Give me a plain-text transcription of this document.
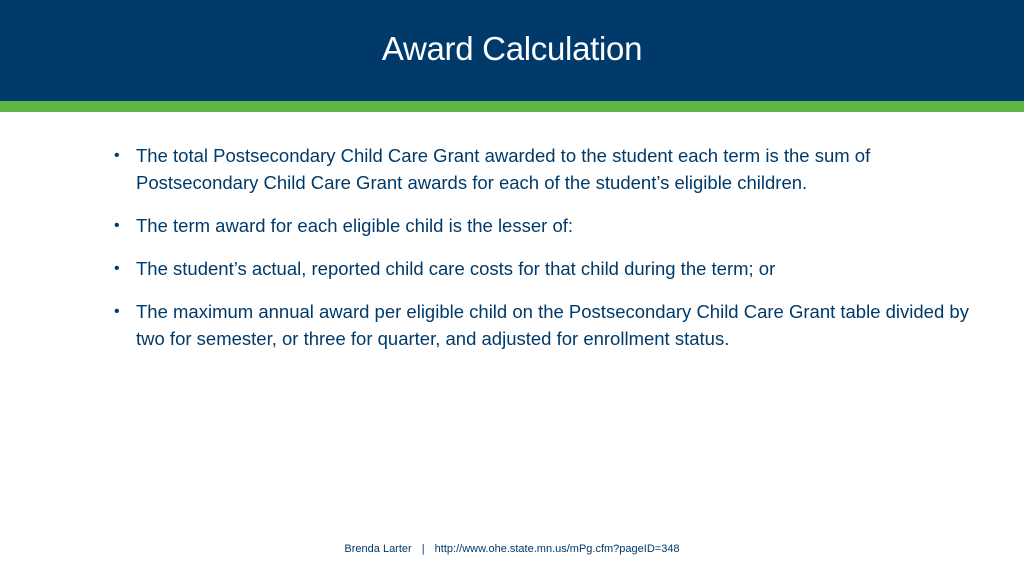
Award Calculation
• The total Postsecondary Child Care Grant awarded to the student each term is the sum of Postsecondary Child Care Grant awards for each of the student’s eligible children.
• The term award for each eligible child is the lesser of:
• The student’s actual, reported child care costs for that child during the term; or
• The maximum annual award per eligible child on the Postsecondary Child Care Grant table divided by two for semester, or three for quarter, and adjusted for enrollment status.
Brenda Larter | http://www.ohe.state.mn.us/mPg.cfm?pageID=348
